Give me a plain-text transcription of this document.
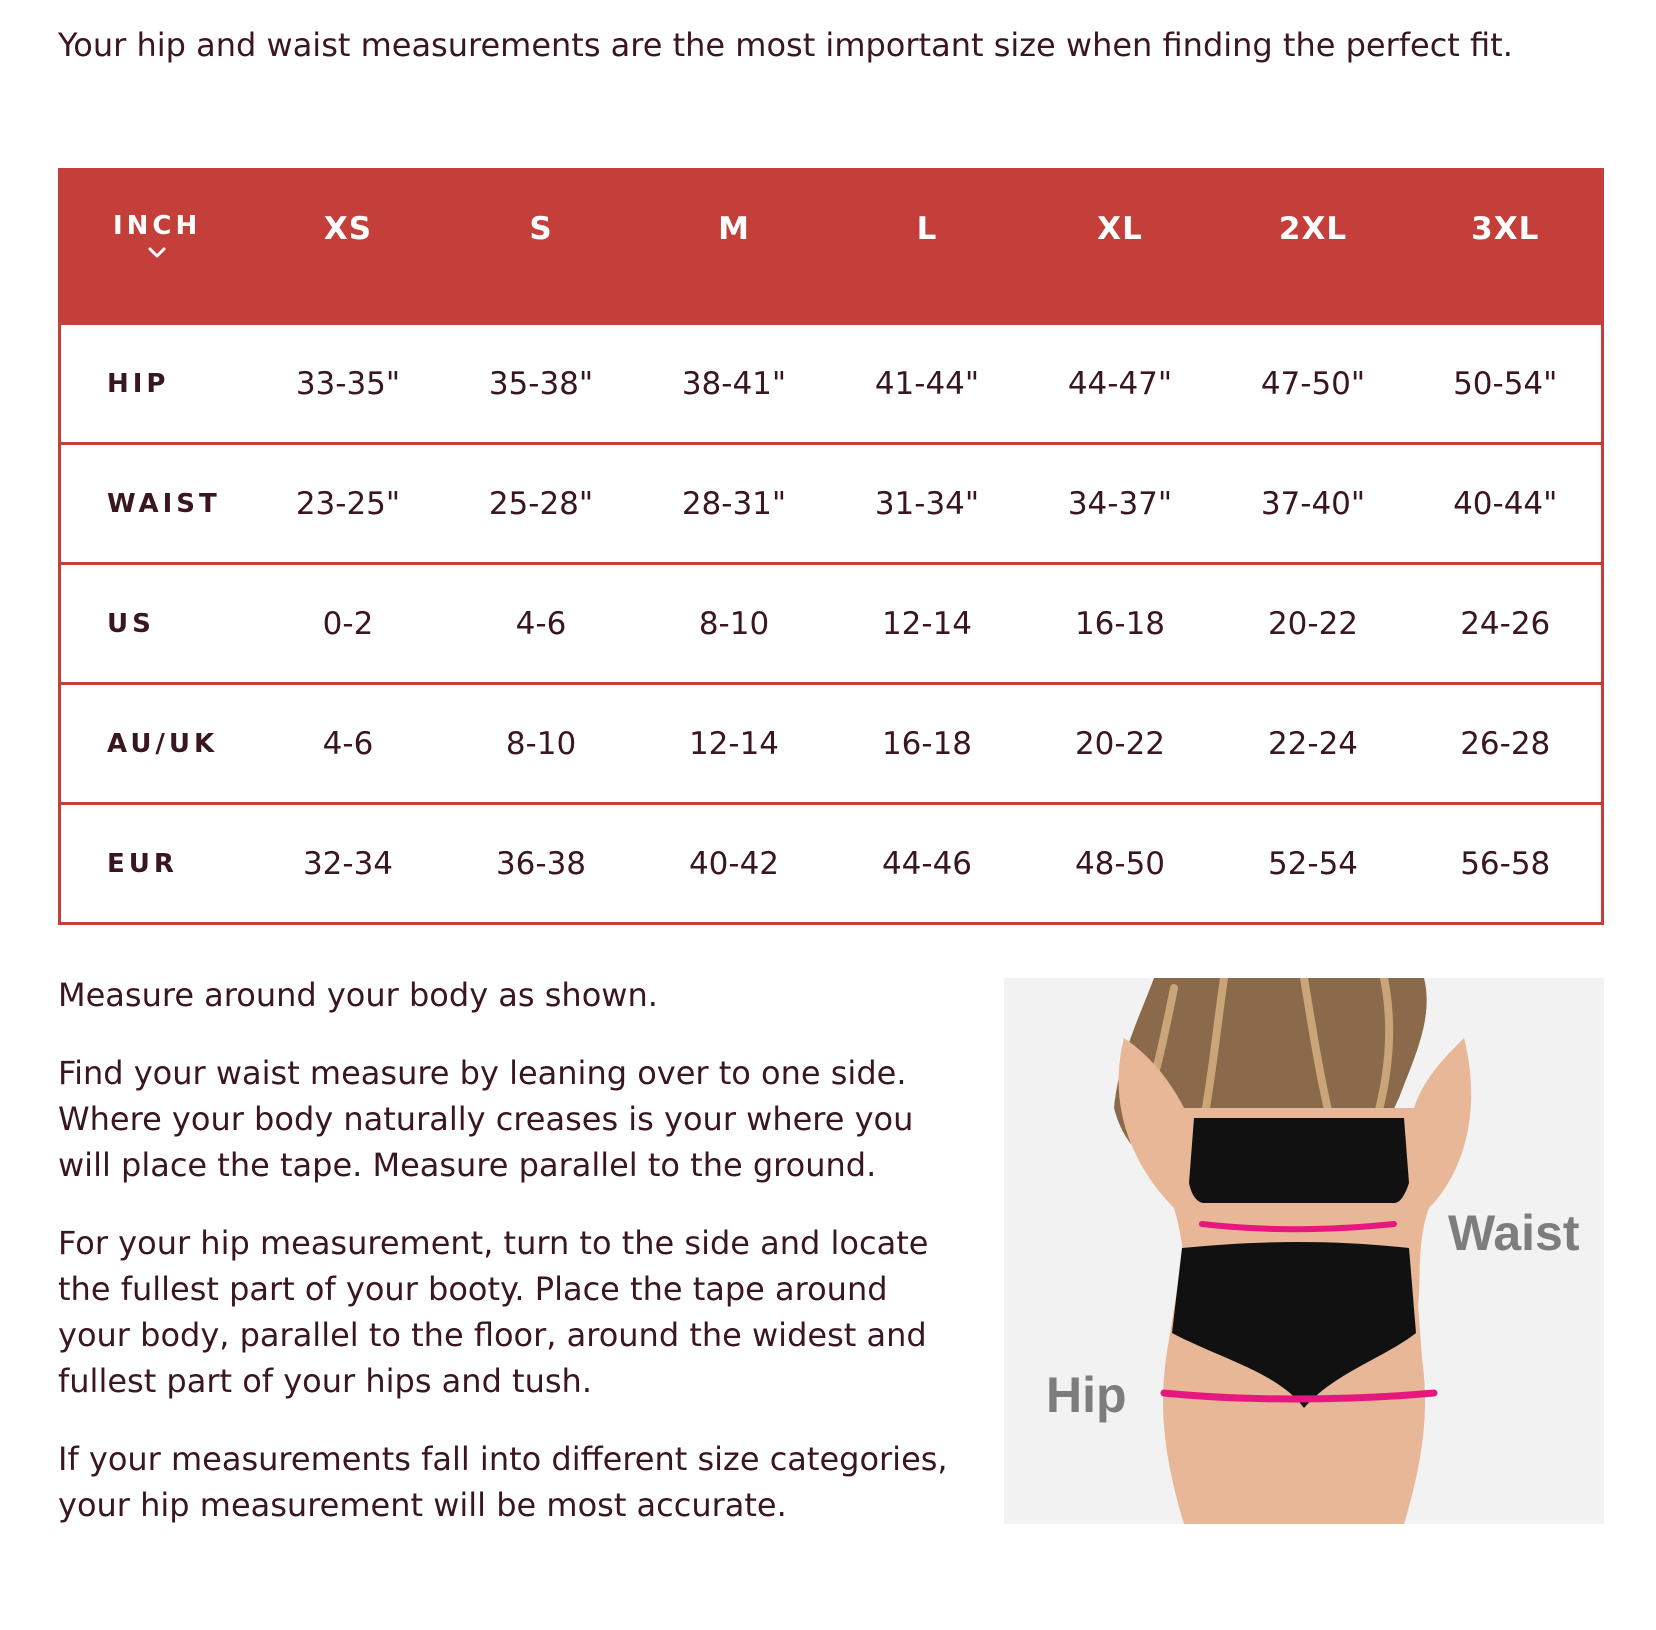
Your hip and waist measurements are the most important size when finding the perfect fit.

INCH	XS	S	M	L	XL	2XL	3XL
HIP	33-35"	35-38"	38-41"	41-44"	44-47"	47-50"	50-54"
WAIST	23-25"	25-28"	28-31"	31-34"	34-37"	37-40"	40-44"
US	0-2	4-6	8-10	12-14	16-18	20-22	24-26
AU/UK	4-6	8-10	12-14	16-18	20-22	22-24	26-28
EUR	32-34	36-38	40-42	44-46	48-50	52-54	56-58

Measure around your body as shown.

Find your waist measure by leaning over to one side. Where your body naturally creases is your where you will place the tape. Measure parallel to the ground.

For your hip measurement, turn to the side and locate the fullest part of your booty. Place the tape around your body, parallel to the floor, around the widest and fullest part of your hips and tush.

If your measurements fall into different size categories, your hip measurement will be most accurate.

Waist
Hip
